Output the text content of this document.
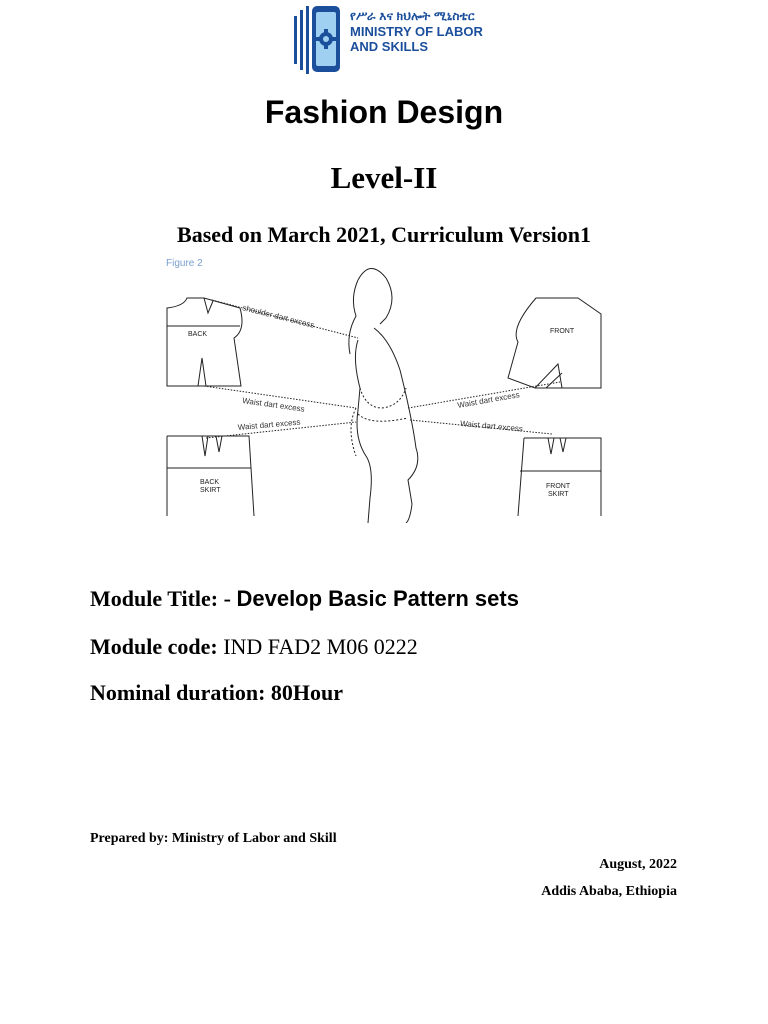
የሥራ እና ክህሎት ሚኒስቴር
MINISTRY OF LABOR
AND SKILLS
Fashion Design
Level-II
Based on March 2021, Curriculum Version1
Figure 2
BACK
BACK
SKIRT
FRONT
FRONT
SKIRT
shoulder dart excess
Waist dart excess
Waist dart excess
Waist dart excess
Waist dart excess
Module Title: - Develop Basic Pattern sets
Module code: IND FAD2 M06 0222
Nominal duration: 80Hour
Prepared by: Ministry of Labor and Skill
August, 2022
Addis Ababa, Ethiopia
